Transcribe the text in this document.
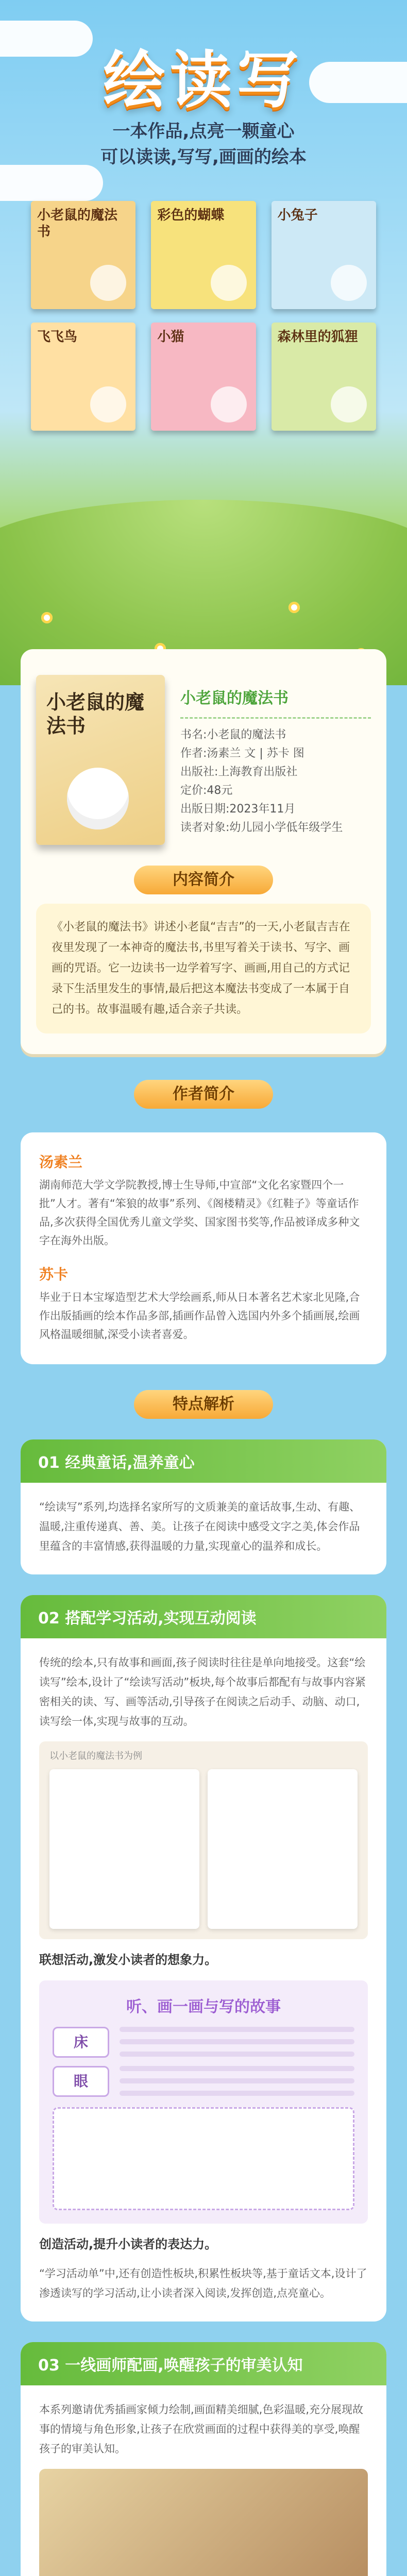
绘读写
一本作品,点亮一颗童心
可以读读,写写,画画的绘本
小老鼠的魔法书
彩色的蝴蝶	小兔子
飞飞鸟	小猫	森林里的狐狸
小老鼠的魔法书
小老鼠的魔法书
书名:小老鼠的魔法书
作者:汤素兰 文 | 苏卡 图
出版社:上海教育出版社
定价:48元
出版日期:2023年11月
读者对象:幼儿园小学低年级学生
内容简介
《小老鼠的魔法书》讲述小老鼠“吉吉”的一天,小老鼠吉吉在夜里发现了一本神奇的魔法书,书里写着关于读书、写字、画画的咒语。它一边读书一边学着写字、画画,用自己的方式记录下生活里发生的事情,最后把这本魔法书变成了一本属于自己的书。故事温暖有趣,适合亲子共读。
作者简介
汤素兰
湖南师范大学文学院教授,博士生导师,中宣部“文化名家暨四个一批”人才。著有“笨狼的故事”系列、《阁楼精灵》《红鞋子》等童话作品,多次获得全国优秀儿童文学奖、国家图书奖等,作品被译成多种文字在海外出版。
苏卡
毕业于日本宝塚造型艺术大学绘画系,师从日本著名艺术家北见隆,合作出版插画的绘本作品多部,插画作品曾入选国内外多个插画展,绘画风格温暖细腻,深受小读者喜爱。
特点解析
01 经典童话,温养童心
“绘读写”系列,均选择名家所写的文质兼美的童话故事,生动、有趣、温暖,注重传递真、善、美。让孩子在阅读中感受文字之美,体会作品里蕴含的丰富情感,获得温暖的力量,实现童心的温养和成长。
02 搭配学习活动,实现互动阅读
传统的绘本,只有故事和画面,孩子阅读时往往是单向地接受。这套“绘读写”绘本,设计了“绘读写活动”板块,每个故事后都配有与故事内容紧密相关的读、写、画等活动,引导孩子在阅读之后动手、动脑、动口,读写绘一体,实现与故事的互动。
以小老鼠的魔法书为例
联想活动,激发小读者的想象力。
听、画一画与写的故事
床
眼
创造活动,提升小读者的表达力。
“学习活动单”中,还有创造性板块,积累性板块等,基于童话文本,设计了渗透读写的学习活动,让小读者深入阅读,发挥创造,点亮童心。
03 一线画师配画,唤醒孩子的审美认知
本系列邀请优秀插画家倾力绘制,画面精美细腻,色彩温暖,充分展现故事的情境与角色形象,让孩子在欣赏画面的过程中获得美的享受,唤醒孩子的审美认知。
